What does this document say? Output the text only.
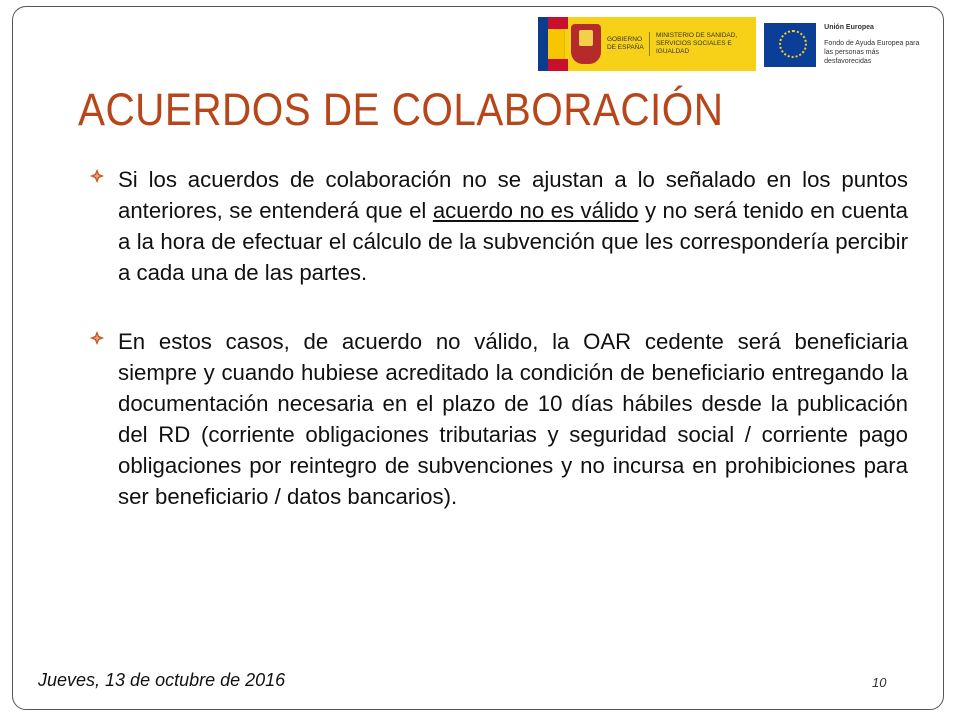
GOBIERNO DE ESPAÑA
MINISTERIO DE SANIDAD, SERVICIOS SOCIALES E IGUALDAD
Unión Europea
Fondo de Ayuda Europea para las personas más desfavorecidas
ACUERDOS DE COLABORACIÓN
Si los acuerdos de colaboración no se ajustan a lo señalado en los puntos anteriores, se entenderá que el acuerdo no es válido y no será tenido en cuenta a la hora de efectuar el cálculo de la subvención que les correspondería percibir a cada una de las partes.
En estos casos, de acuerdo no válido, la OAR cedente será beneficiaria siempre y cuando hubiese acreditado la condición de beneficiario entregando la documentación necesaria en el plazo de 10 días hábiles desde la publicación del RD (corriente obligaciones tributarias y seguridad social / corriente pago obligaciones por reintegro de subvenciones y no incursa en prohibiciones para ser beneficiario / datos bancarios).
Jueves, 13 de octubre de 2016	10
